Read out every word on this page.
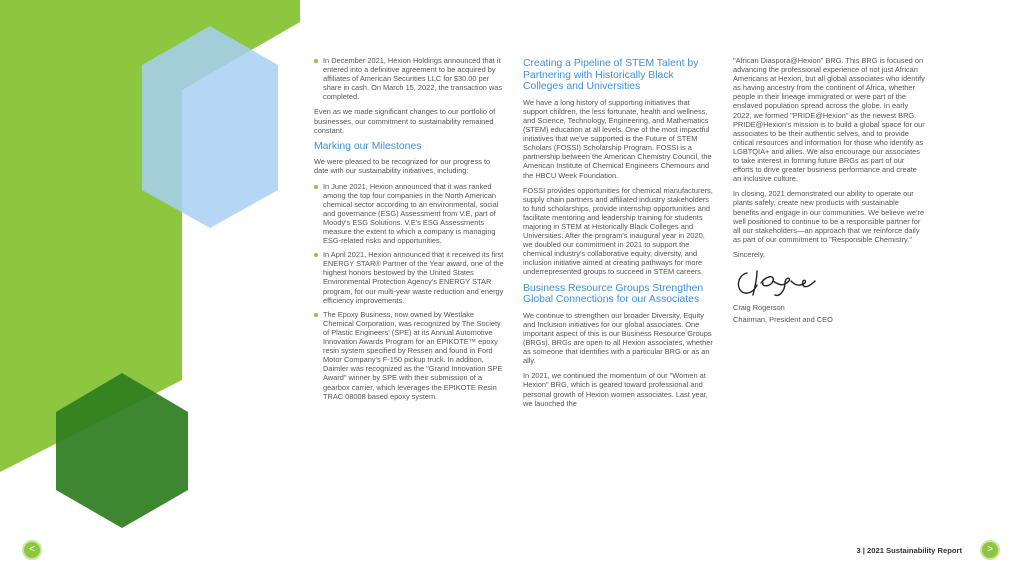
In December 2021, Hexion Holdings announced that it entered into a definitive agreement to be acquired by affiliates of American Securities LLC for $30.00 per share in cash. On March 15, 2022, the transaction was completed.

Even as we made significant changes to our portfolio of businesses, our commitment to sustainability remained constant.

Marking our Milestones

We were pleased to be recognized for our progress to date with our sustainability initiatives, including:

In June 2021, Hexion announced that it was ranked among the top four companies in the North American chemical sector according to an environmental, social and governance (ESG) Assessment from V.E, part of Moody's ESG Solutions. V.E's ESG Assessments measure the extent to which a company is managing ESG-related risks and opportunities.
In April 2021, Hexion announced that it received its first ENERGY STAR® Partner of the Year award, one of the highest honors bestowed by the United States Environmental Protection Agency's ENERGY STAR program, for our multi-year waste reduction and energy efficiency improvements.
The Epoxy Business, now owned by Westlake Chemical Corporation, was recognized by The Society of Plastic Engineers' (SPE) at its Annual Automotive Innovation Awards Program for an EPIKOTE™ epoxy resin system specified by Ressen and found in Ford Motor Company's F-150 pickup truck. In addition, Daimler was recognized as the "Grand Innovation SPE Award" winner by SPE with their submission of a gearbox carrier, which leverages the EPIKOTE Resin TRAC 08008 based epoxy system.
Creating a Pipeline of STEM Talent by Partnering with Historically Black Colleges and Universities

We have a long history of supporting initiatives that support children, the less fortunate, health and wellness, and Science, Technology, Engineering, and Mathematics (STEM) education at all levels. One of the most impactful initiatives that we've supported is the Future of STEM Scholars (FOSSI) Scholarship Program. FOSSI is a partnership between the American Chemistry Council, the American Institute of Chemical Engineers Chemours and the HBCU Week Foundation.

FOSSI provides opportunities for chemical manufacturers, supply chain partners and affiliated industry stakeholders to fund scholarships, provide internship opportunities and facilitate mentoring and leadership training for students majoring in STEM at Historically Black Colleges and Universities. After the program's inaugural year in 2020, we doubled our commitment in 2021 to support the chemical industry's collaborative equity, diversity, and inclusion initiative aimed at creating pathways for more underrepresented groups to succeed in STEM careers.

Business Resource Groups Strengthen Global Connections for our Associates

We continue to strengthen our broader Diversity, Equity and Inclusion initiatives for our global associates. One important aspect of this is our Business Resource Groups (BRGs). BRGs are open to all Hexion associates, whether as someone that identifies with a particular BRG or as an ally.

In 2021, we continued the momentum of our "Women at Hexion" BRG, which is geared toward professional and personal growth of Hexion women associates. Last year, we launched the

"African Diaspora@Hexion" BRG. This BRG is focused on advancing the professional experience of not just African Americans at Hexion, but all global associates who identify as having ancestry from the continent of Africa, whether people in their lineage immigrated or were part of the enslaved population spread across the globe. In early 2022, we formed "PRIDE@Hexion" as the newest BRG. PRIDE@Hexion's mission is to build a global space for our associates to be their authentic selves, and to provide critical resources and information for those who identify as LGBTQIA+ and allies. We also encourage our associates to take interest in forming future BRGs as part of our efforts to drive greater business performance and create an inclusive culture.

In closing, 2021 demonstrated our ability to operate our plants safely, create new products with sustainable benefits and engage in our communities. We believe we're well positioned to continue to be a responsible partner for all our stakeholders—an approach that we reinforce daily as part of our commitment to "Responsible Chemistry."

Sincerely,

Craig Rogerson

Chairman, President and CEO

<	3 | 2021 Sustainability Report	>
